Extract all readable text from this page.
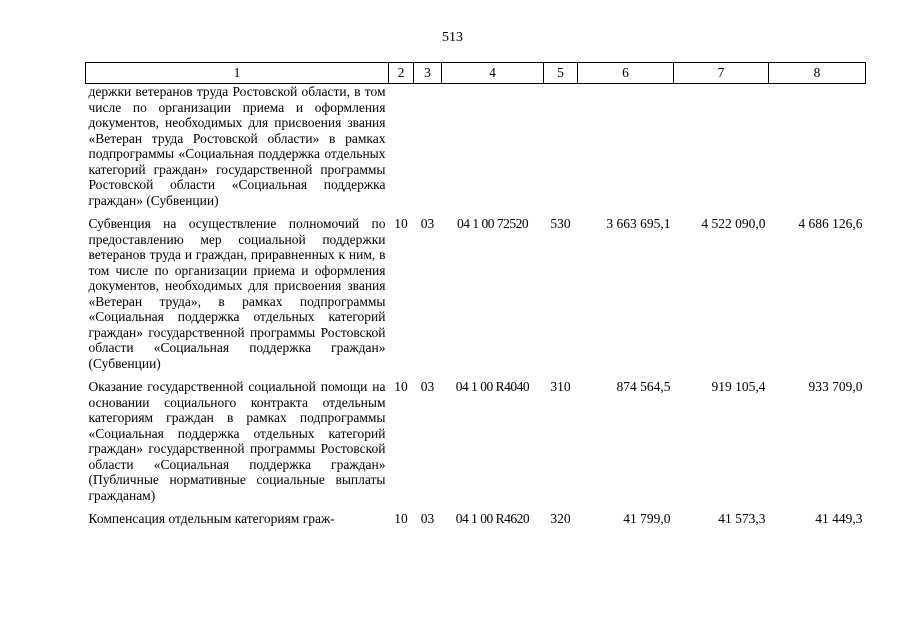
513
1	2	3	4	5	6	7	8
держки ветеранов труда Ростовской области, в том числе по организации приема и оформления документов, необходимых для присвоения звания «Ветеран труда Ростовской области» в рамках подпрограммы «Социальная поддержка отдельных категорий граждан» государственной программы Ростовской области «Социальная поддержка граждан» (Субвенции)							
Субвенция на осуществление полномочий по предоставлению мер социальной поддержки ветеранов труда и граждан, приравненных к ним, в том числе по организации приема и оформления документов, необходимых для присвоения звания «Ветеран труда», в рамках подпрограммы «Социальная поддержка отдельных категорий граждан» государственной программы Ростовской области «Социальная поддержка граждан» (Субвенции)	10	03	04 1 00 72520	530	3 663 695,1	4 522 090,0	4 686 126,6
Оказание государственной социальной помощи на основании социального контракта отдельным категориям граждан в рамках подпрограммы «Социальная поддержка отдельных категорий граждан» государственной программы Ростовской области «Социальная поддержка граждан» (Публичные нормативные социальные выплаты гражданам)	10	03	04 1 00 R4040	310	874 564,5	919 105,4	933 709,0
Компенсация отдельным категориям граж-	10	03	04 1 00 R4620	320	41 799,0	41 573,3	41 449,3
